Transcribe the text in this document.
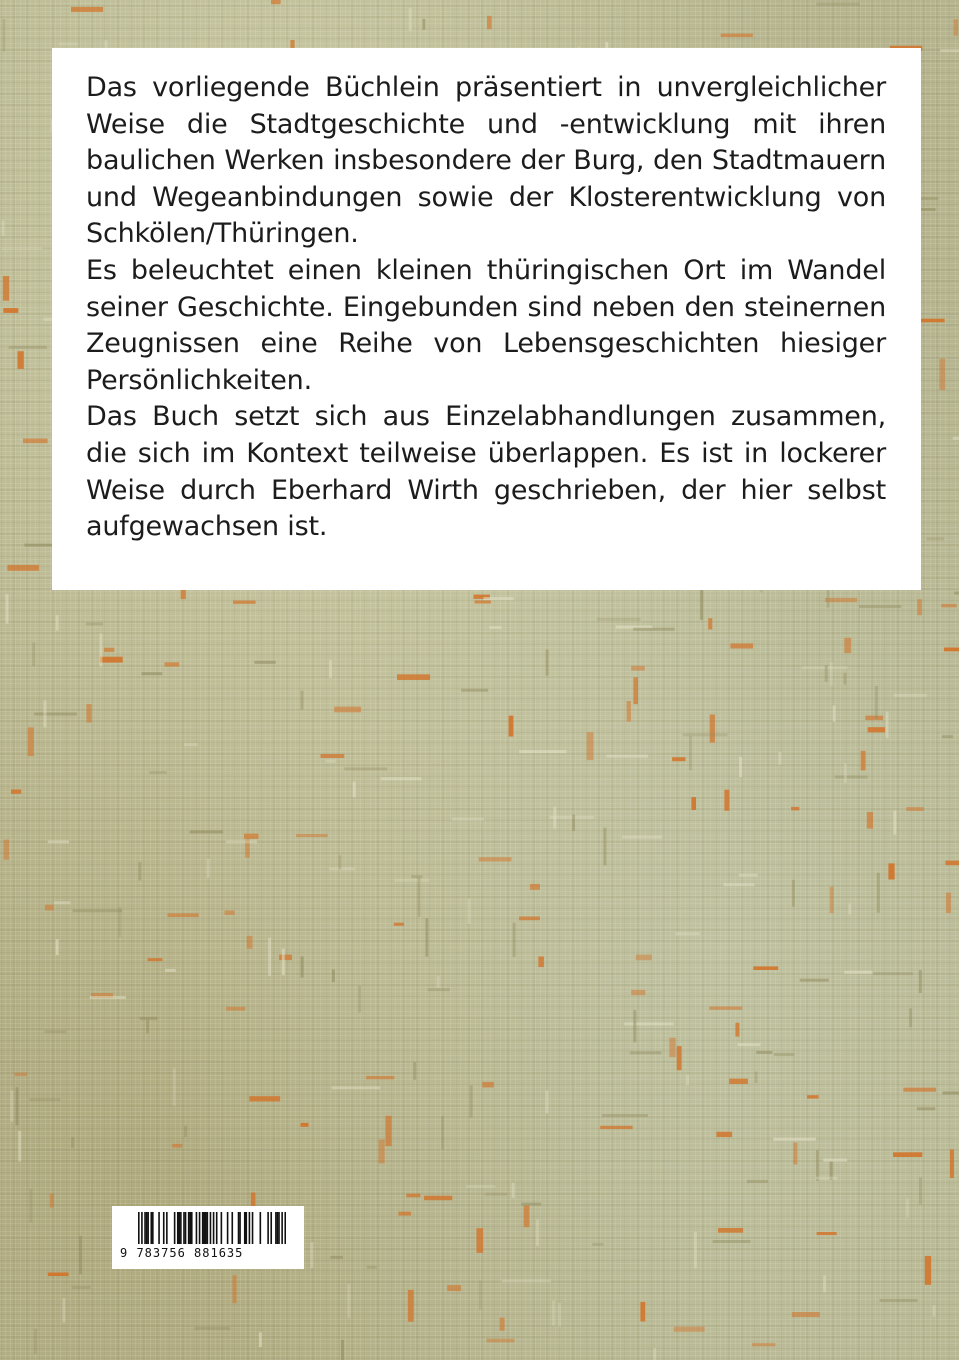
Das vorliegende Büchlein präsentiert in unvergleichlicher Weise die Stadtgeschichte und -entwicklung mit ihren baulichen Werken insbesondere der Burg, den Stadtmauern und Wegeanbindungen sowie der Klosterentwicklung von Schkölen/Thüringen.

Es beleuchtet einen kleinen thüringischen Ort im Wandel seiner Geschichte. Eingebunden sind neben den steinernen Zeugnissen eine Reihe von Lebensgeschichten hiesiger Persönlichkeiten.

Das Buch setzt sich aus Einzelabhandlungen zusammen, die sich im Kontext teilweise überlappen. Es ist in lockerer Weise durch Eberhard Wirth geschrieben, der hier selbst aufgewachsen ist.

9 783756 881635
